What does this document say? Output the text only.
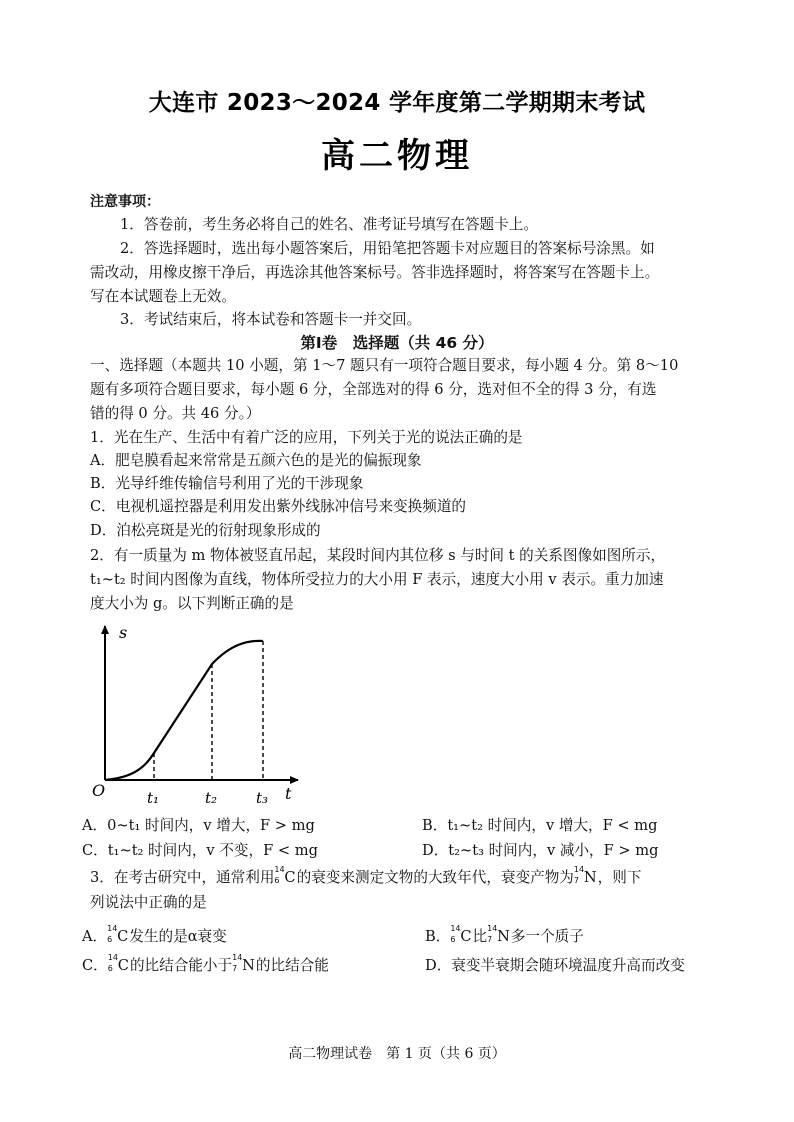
大连市 2023～2024 学年度第二学期期末考试
高二物理
注意事项：
1．答卷前，考生务必将自己的姓名、准考证号填写在答题卡上。
2．答选择题时，选出每小题答案后，用铅笔把答题卡对应题目的答案标号涂黑。如
需改动，用橡皮擦干净后，再选涂其他答案标号。答非选择题时，将答案写在答题卡上。
写在本试题卷上无效。
3．考试结束后，将本试卷和答题卡一并交回。
第Ⅰ卷　选择题（共 46 分）
一、选择题（本题共 10 小题，第 1～7 题只有一项符合题目要求，每小题 4 分。第 8～10
题有多项符合题目要求，每小题 6 分，全部选对的得 6 分，选对但不全的得 3 分，有选
错的得 0 分。共 46 分。）
1．光在生产、生活中有着广泛的应用，下列关于光的说法正确的是
A．肥皂膜看起来常常是五颜六色的是光的偏振现象
B．光导纤维传输信号利用了光的干涉现象
C．电视机遥控器是利用发出紫外线脉冲信号来变换频道的
D．泊松亮斑是光的衍射现象形成的
2．有一质量为 m 物体被竖直吊起，某段时间内其位移 s 与时间 t 的关系图像如图所示，
t₁~t₂ 时间内图像为直线，物体所受拉力的大小用 F 表示，速度大小用 v 表示。重力加速
度大小为 g。以下判断正确的是
s
t
O	t₁	t₂	t₃
A．0~t₁ 时间内，v 增大，F > mg	B．t₁~t₂ 时间内，v 增大，F < mg
C．t₁~t₂ 时间内，v 不变，F < mg	D．t₂~t₃ 时间内，v 减小，F > mg
3．在考古研究中，通常利用 14
6 C的衰变来测定文物的大致年代，衰变产物为 14
7 N，则下
列说法中正确的是
A． 14
6 C发生的是α衰变	B． 14
6 C比 14
7 N多一个质子
C． 14
6 C的比结合能小于 14
7 N的比结合能	D．衰变半衰期会随环境温度升高而改变
高二物理试卷　第 1 页（共 6 页）
